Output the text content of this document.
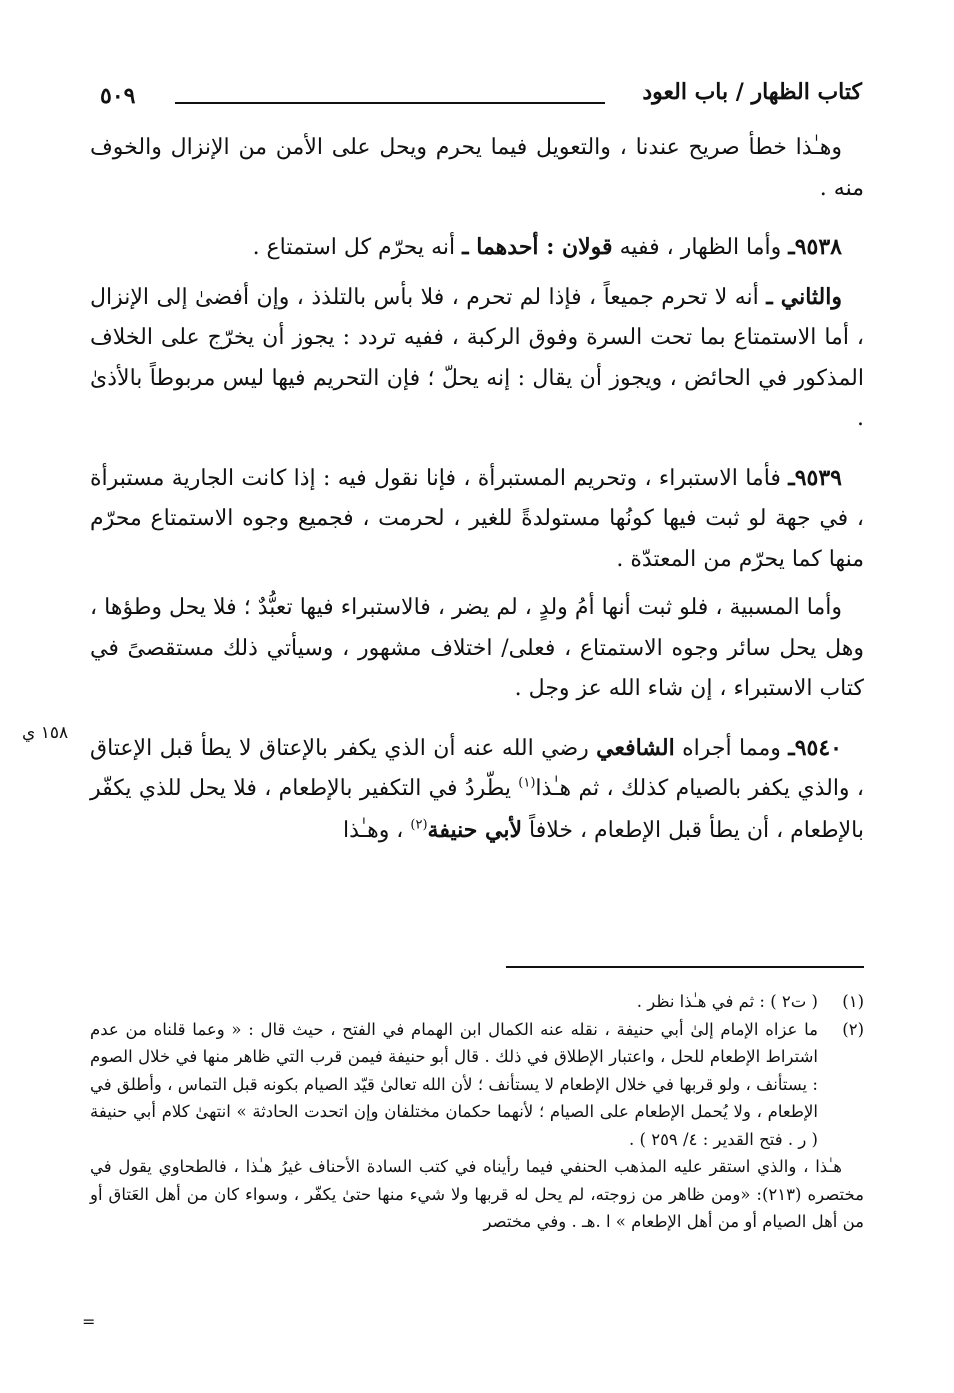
كتاب الظهار / باب العود
٥٠٩

وهـٰذا خطأ صريح عندنا ، والتعويل فيما يحرم ويحل على الأمن من الإنزال والخوف منه .

٩٥٣٨ـ وأما الظهار ، ففيه قولان : أحدهما ـ أنه يحرّم كل استمتاع .

والثاني ـ أنه لا تحرم جميعاً ، فإذا لم تحرم ، فلا بأس بالتلذذ ، وإن أفضىٰ إلى الإنزال ، أما الاستمتاع بما تحت السرة وفوق الركبة ، ففيه تردد : يجوز أن يخرّج على الخلاف المذكور في الحائض ، ويجوز أن يقال : إنه يحلّ ؛ فإن التحريم فيها ليس مربوطاً بالأذىٰ .

٩٥٣٩ـ فأما الاستبراء ، وتحريم المستبرأة ، فإنا نقول فيه : إذا كانت الجارية مستبرأة ، في جهة لو ثبت فيها كونُها مستولدةً للغير ، لحرمت ، فجميع وجوه الاستمتاع محرّم منها كما يحرّم من المعتدّة .

وأما المسبية ، فلو ثبت أنها أمُ ولدٍ ، لم يضر ، فالاستبراء فيها تعبُّدٌ ؛ فلا يحل وطؤها ، وهل يحل سائر وجوه الاستمتاع ، فعلى/ اختلاف مشهور ، وسيأتي ذلك مستقصىً في كتاب الاستبراء ، إن شاء الله عز وجل .

٩٥٤٠ـ ومما أجراه الشافعي رضي الله عنه أن الذي يكفر بالإعتاق لا يطأ قبل الإعتاق ، والذي يكفر بالصيام كذلك ، ثم هـٰذا$^{(١)}$ يطّردُ في التكفير بالإطعام ، فلا يحل للذي يكفّر بالإطعام ، أن يطأ قبل الإطعام ، خلافاً لأبي حنيفة$^{(٢)}$ ، وهـٰذا

١٥٨ ي
(١)
( ت٢ ) : ثم في هـٰذا نظر .
(٢)
ما عزاه الإمام إلىٰ أبي حنيفة ، نقله عنه الكمال ابن الهمام في الفتح ، حيث قال : « وعما قلناه من عدم اشتراط الإطعام للحل ، واعتبار الإطلاق في ذلك . قال أبو حنيفة فيمن قرب التي ظاهر منها في خلال الصوم : يستأنف ، ولو قربها في خلال الإطعام لا يستأنف ؛ لأن الله تعالىٰ قيّد الصيام بكونه قبل التماس ، وأطلق في الإطعام ، ولا يُحمل الإطعام على الصيام ؛ لأنهما حكمان مختلفان وإن اتحدت الحادثة » انتهىٰ كلام أبي حنيفة ( ر . فتح القدير : ٤/ ٢٥٩ ) .

هـٰذا ، والذي استقر عليه المذهب الحنفي فيما رأيناه في كتب السادة الأحناف غيرُ هـٰذا ، فالطحاوي يقول في مختصره (٢١٣): «ومن ظاهر من زوجته، لم يحل له قربها ولا شيء منها حتىٰ يكفّر ، وسواء كان من أهل العَتاق أو من أهل الصيام أو من أهل الإطعام » ا .هـ . وفي مختصر

=
